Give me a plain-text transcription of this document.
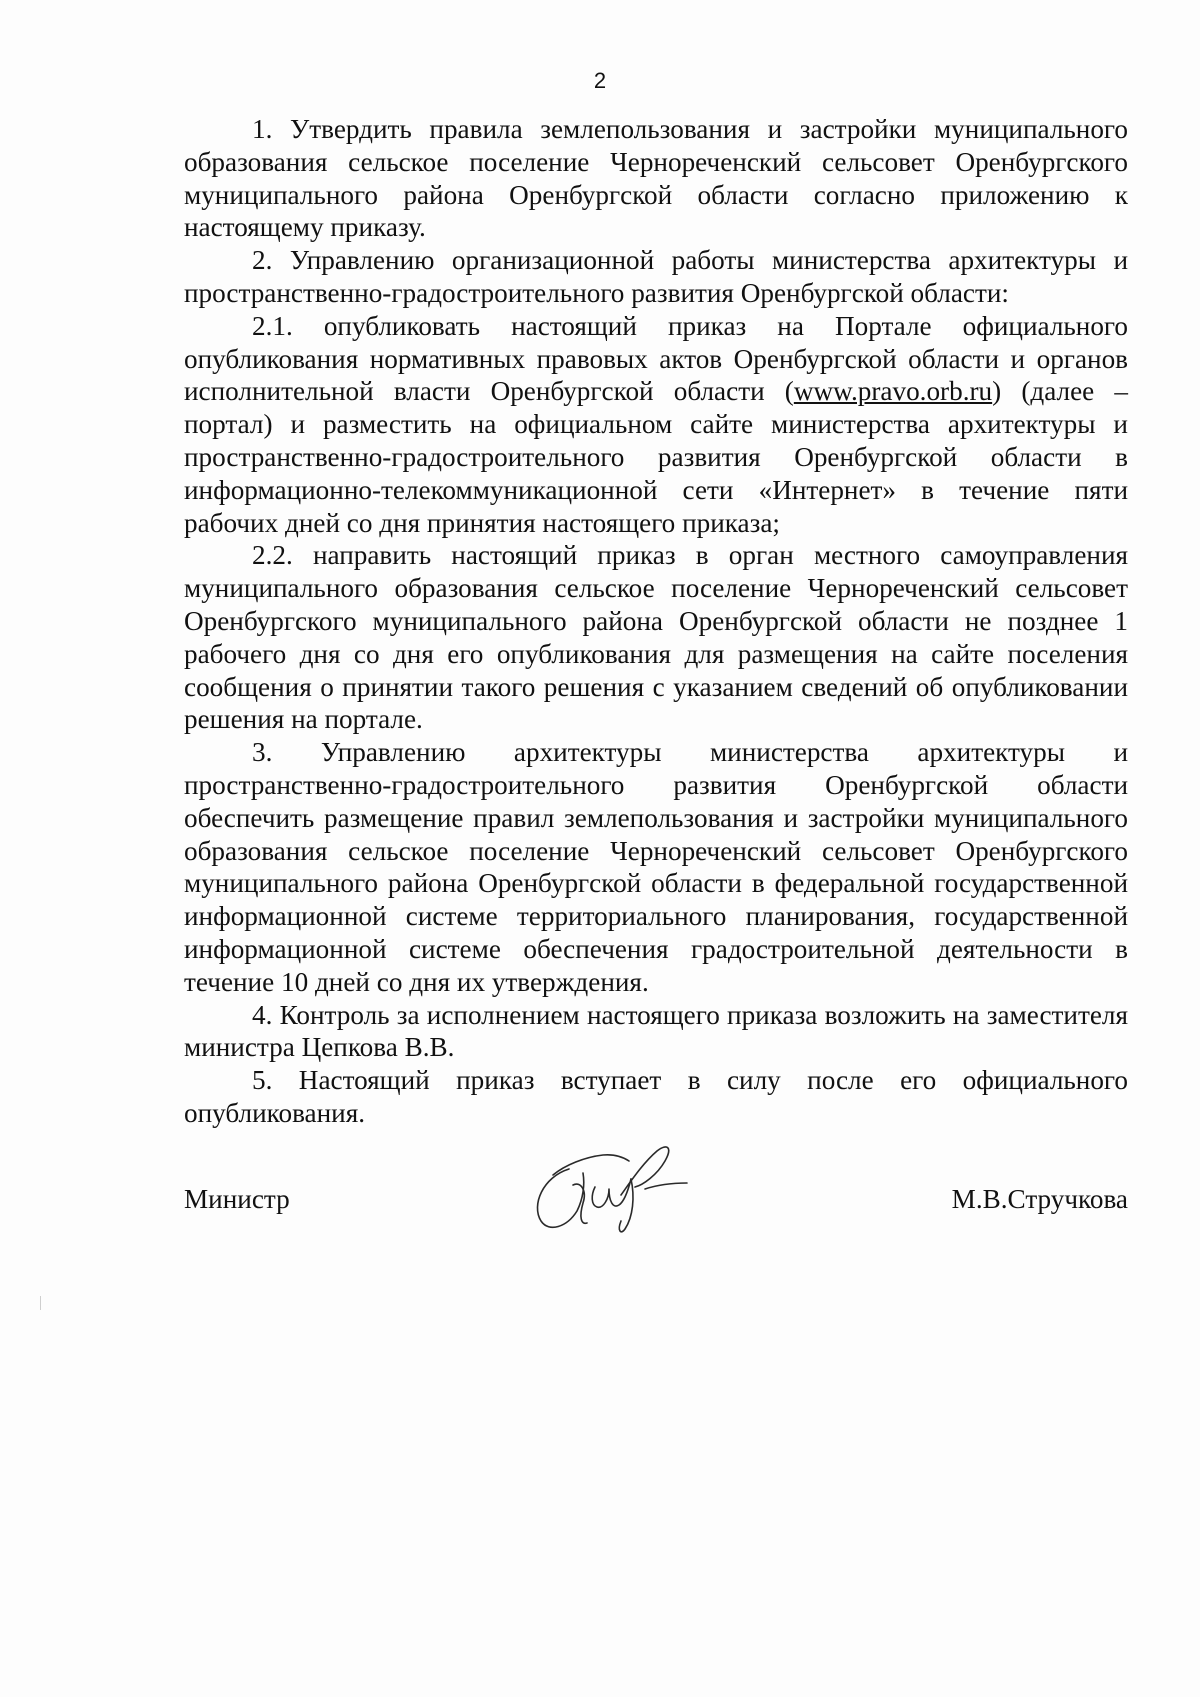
2

1. Утвердить правила землепользования и застройки муниципального образования сельское поселение Чернореченский сельсовет Оренбургского муниципального района Оренбургской области согласно приложению к настоящему приказу.

2. Управлению организационной работы министерства архитектуры и пространственно-градостроительного развития Оренбургской области:

2.1. опубликовать настоящий приказ на Портале официального опубликования нормативных правовых актов Оренбургской области и органов исполнительной власти Оренбургской области (www.pravo.orb.ru) (далее – портал) и разместить на официальном сайте министерства архитектуры и пространственно-градостроительного развития Оренбургской области в информационно-телекоммуникационной сети «Интернет» в течение пяти рабочих дней со дня принятия настоящего приказа;

2.2. направить настоящий приказ в орган местного самоуправления муниципального образования сельское поселение Чернореченский сельсовет Оренбургского муниципального района Оренбургской области не позднее 1 рабочего дня со дня его опубликования для размещения на сайте поселения сообщения о принятии такого решения с указанием сведений об опубликовании решения на портале.

3. Управлению архитектуры министерства архитектуры и пространственно-градостроительного развития Оренбургской области обеспечить размещение правил землепользования и застройки муниципального образования сельское поселение Чернореченский сельсовет Оренбургского муниципального района Оренбургской области в федеральной государственной информационной системе территориального планирования, государственной информационной системе обеспечения градостроительной деятельности в течение 10 дней со дня их утверждения.

4. Контроль за исполнением настоящего приказа возложить на заместителя министра Цепкова В.В.

5. Настоящий приказ вступает в силу после его официального опубликования.

Министр	М.В.Стручкова
